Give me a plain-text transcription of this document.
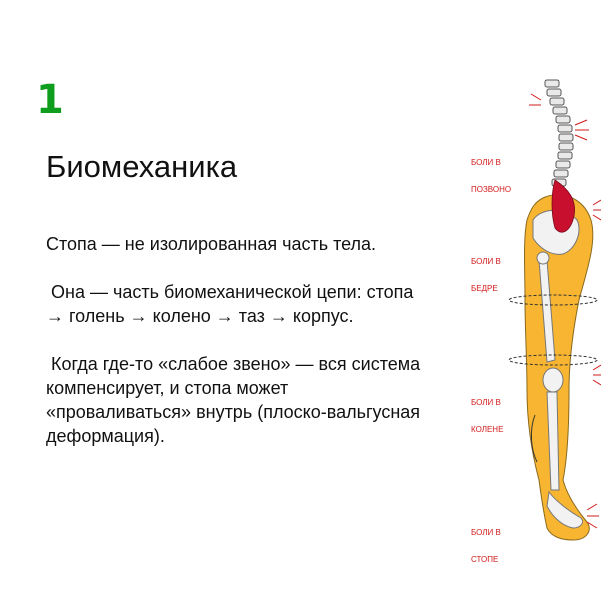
1
Биомеханика

Стопа — не изолированная часть тела.

Она — часть биомеханической цепи: стопа → голень → колено → таз → корпус.

Когда где-то «слабое звено» — вся система компенсирует, и стопа может «проваливаться» внутрь (плоско-вальгусная деформация).

БОЛИ В

ПОЗВОНО

БОЛИ В

БЕДРЕ

БОЛИ В

КОЛЕНЕ

БОЛИ В

СТОПЕ
